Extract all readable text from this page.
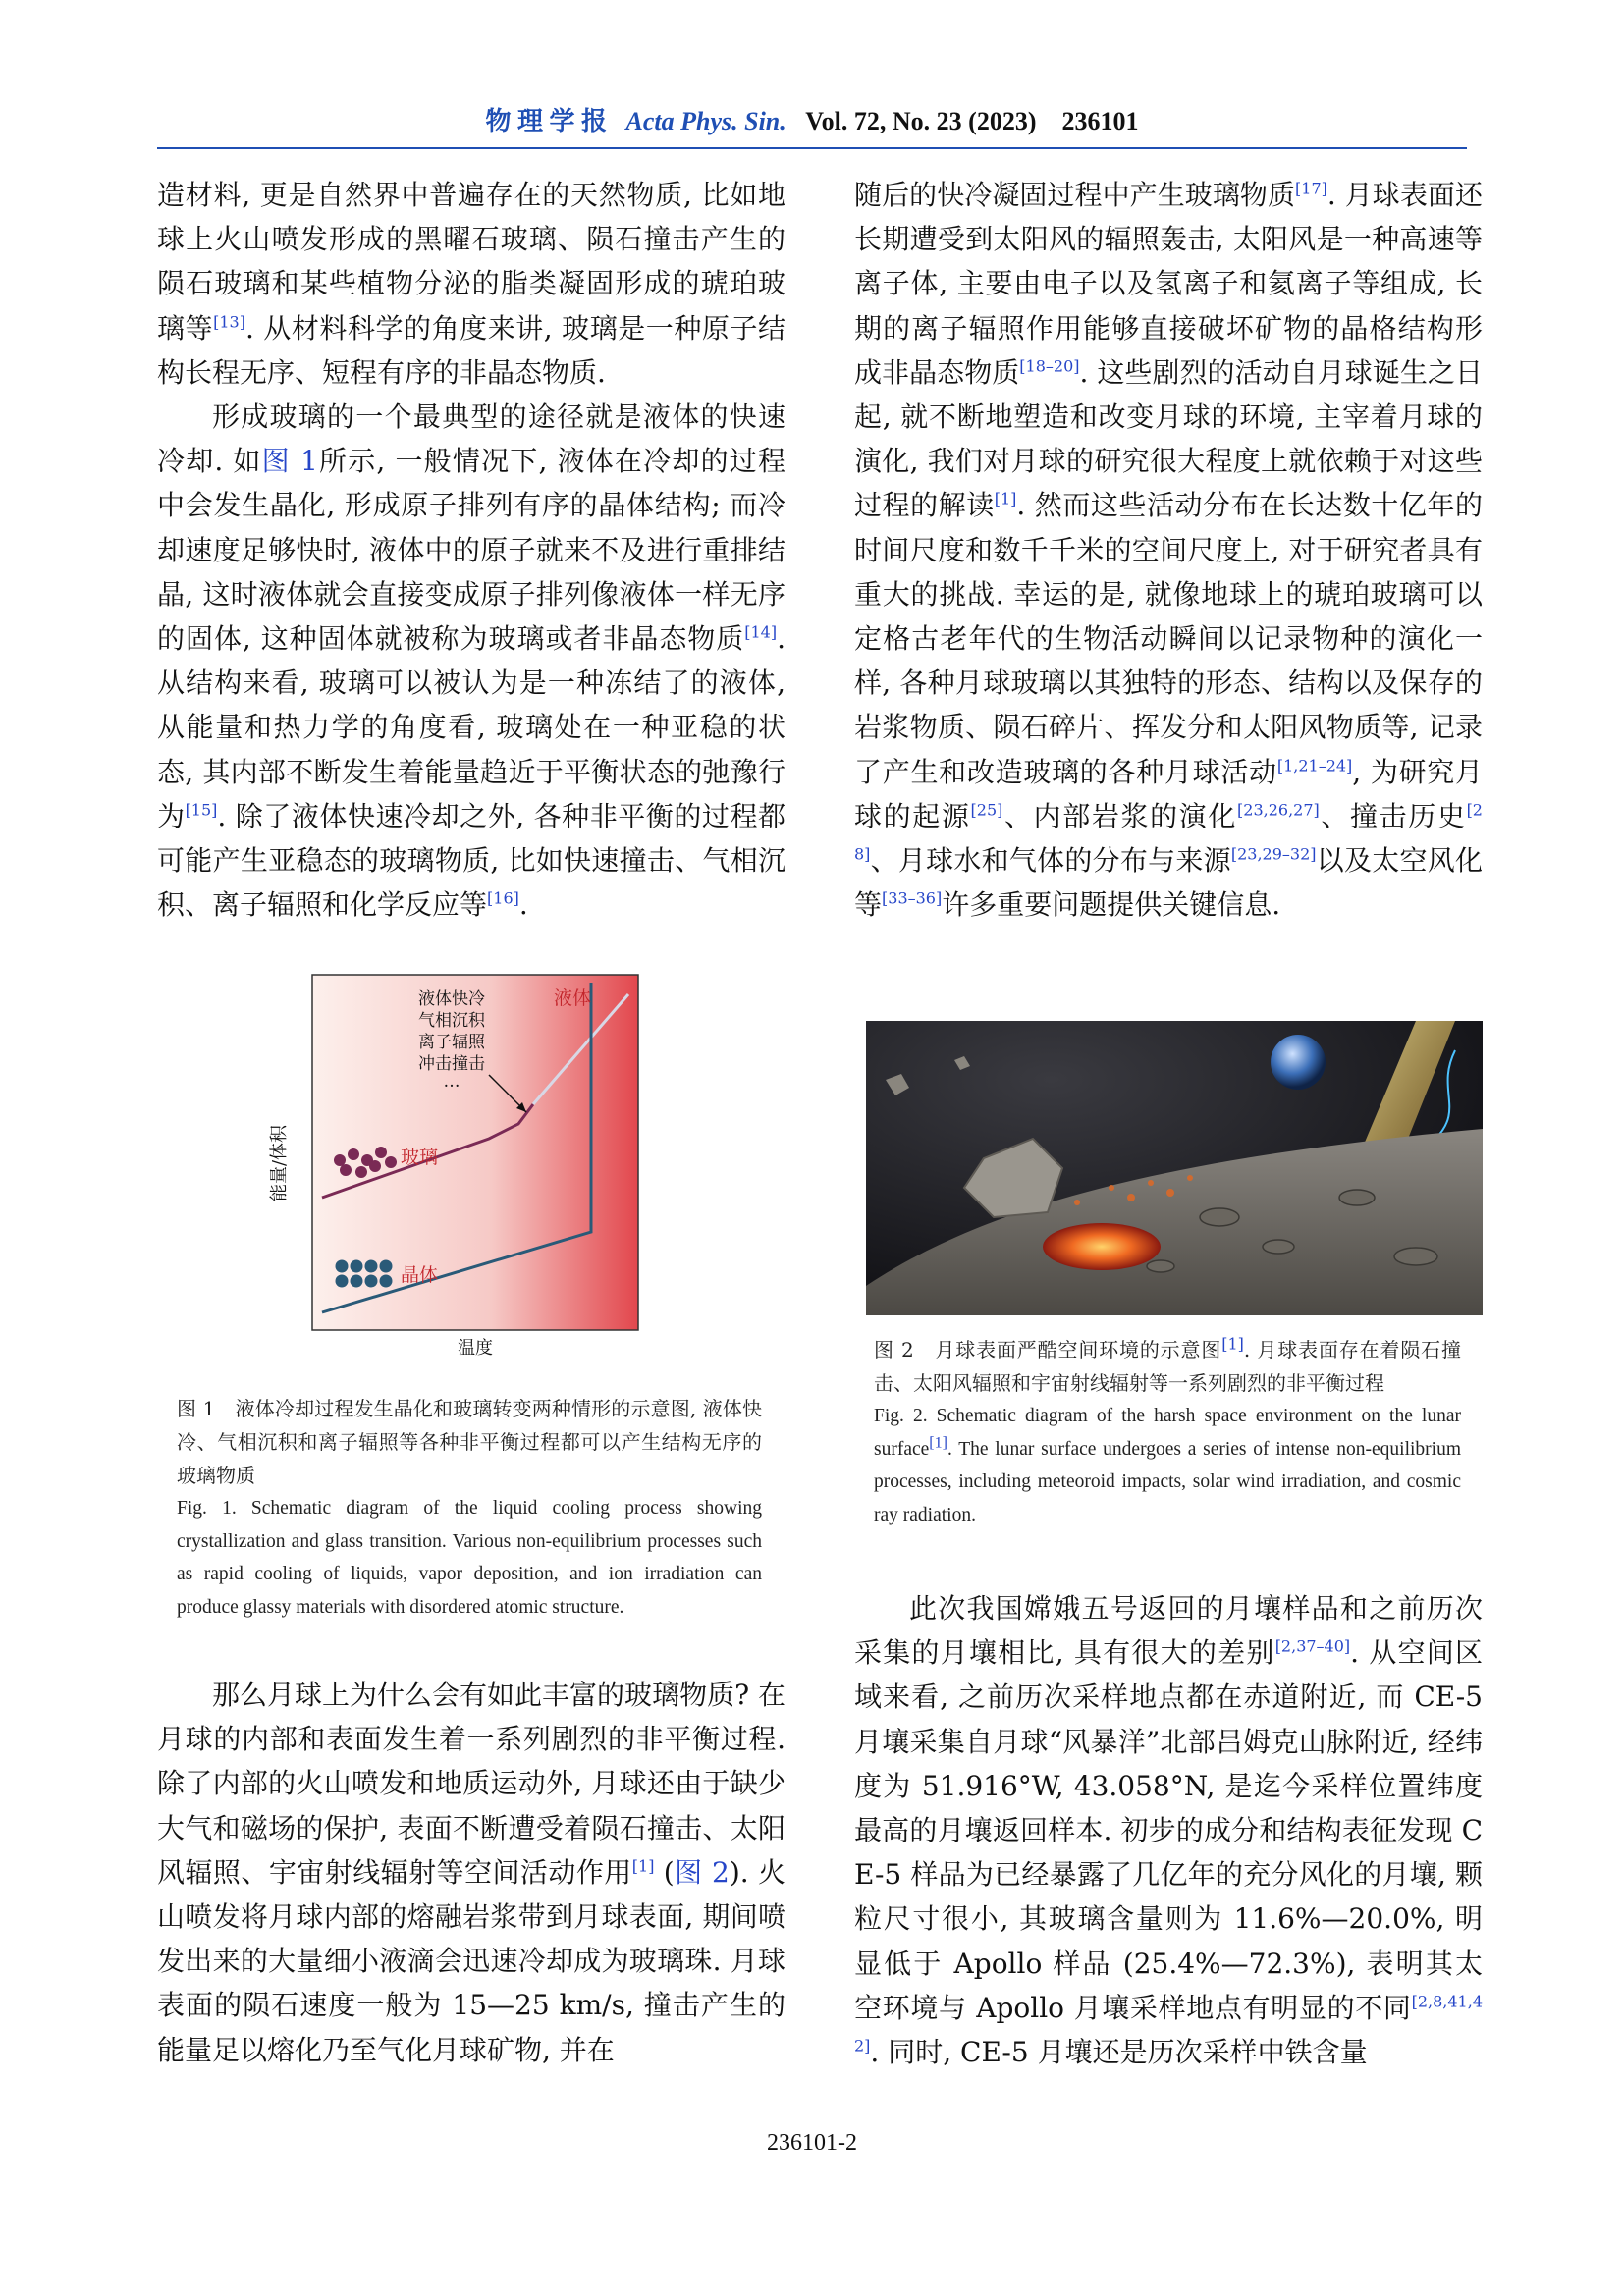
物 理 学 报 Acta Phys. Sin. Vol. 72, No. 23 (2023) 236101

造材料, 更是自然界中普遍存在的天然物质, 比如地球上火山喷发形成的黑曜石玻璃、陨石撞击产生的陨石玻璃和某些植物分泌的脂类凝固形成的琥珀玻璃等[13]. 从材料科学的角度来讲, 玻璃是一种原子结构长程无序、短程有序的非晶态物质.

形成玻璃的一个最典型的途径就是液体的快速冷却. 如图 1所示, 一般情况下, 液体在冷却的过程中会发生晶化, 形成原子排列有序的晶体结构; 而冷却速度足够快时, 液体中的原子就来不及进行重排结晶, 这时液体就会直接变成原子排列像液体一样无序的固体, 这种固体就被称为玻璃或者非晶态物质[14]. 从结构来看, 玻璃可以被认为是一种冻结了的液体, 从能量和热力学的角度看, 玻璃处在一种亚稳的状态, 其内部不断发生着能量趋近于平衡状态的弛豫行为[15]. 除了液体快速冷却之外, 各种非平衡的过程都可能产生亚稳态的玻璃物质, 比如快速撞击、气相沉积、离子辐照和化学反应等[16].

能量/体积	玻璃
晶体
液体
液体快冷
气相沉积
离子辐照
冲击撞击
…
温度

图 1　液体冷却过程发生晶化和玻璃转变两种情形的示意图, 液体快冷、气相沉积和离子辐照等各种非平衡过程都可以产生结构无序的玻璃物质

Fig. 1. Schematic diagram of the liquid cooling process showing crystallization and glass transition. Various non-equilibrium processes such as rapid cooling of liquids, vapor deposition, and ion irradiation can produce glassy materials with disordered atomic structure.

那么月球上为什么会有如此丰富的玻璃物质? 在月球的内部和表面发生着一系列剧烈的非平衡过程. 除了内部的火山喷发和地质运动外, 月球还由于缺少大气和磁场的保护, 表面不断遭受着陨石撞击、太阳风辐照、宇宙射线辐射等空间活动作用[1] (图 2). 火山喷发将月球内部的熔融岩浆带到月球表面, 期间喷发出来的大量细小液滴会迅速冷却成为玻璃珠. 月球表面的陨石速度一般为 15—25 km/s, 撞击产生的能量足以熔化乃至气化月球矿物, 并在

随后的快冷凝固过程中产生玻璃物质[17]. 月球表面还长期遭受到太阳风的辐照轰击, 太阳风是一种高速等离子体, 主要由电子以及氢离子和氦离子等组成, 长期的离子辐照作用能够直接破坏矿物的晶格结构形成非晶态物质[18–20]. 这些剧烈的活动自月球诞生之日起, 就不断地塑造和改变月球的环境, 主宰着月球的演化, 我们对月球的研究很大程度上就依赖于对这些过程的解读[1]. 然而这些活动分布在长达数十亿年的时间尺度和数千千米的空间尺度上, 对于研究者具有重大的挑战. 幸运的是, 就像地球上的琥珀玻璃可以定格古老年代的生物活动瞬间以记录物种的演化一样, 各种月球玻璃以其独特的形态、结构以及保存的岩浆物质、陨石碎片、挥发分和太阳风物质等, 记录了产生和改造玻璃的各种月球活动[1,21–24], 为研究月球的起源[25]、内部岩浆的演化[23,26,27]、撞击历史[28]、月球水和气体的分布与来源[23,29–32]以及太空风化等[33–36]许多重要问题提供关键信息.

图 2　月球表面严酷空间环境的示意图[1]. 月球表面存在着陨石撞击、太阳风辐照和宇宙射线辐射等一系列剧烈的非平衡过程

Fig. 2. Schematic diagram of the harsh space environment on the lunar surface[1]. The lunar surface undergoes a series of intense non-equilibrium processes, including meteoroid impacts, solar wind irradiation, and cosmic ray radiation.

此次我国嫦娥五号返回的月壤样品和之前历次采集的月壤相比, 具有很大的差别[2,37–40]. 从空间区域来看, 之前历次采样地点都在赤道附近, 而 CE-5 月壤采集自月球“风暴洋”北部吕姆克山脉附近, 经纬度为 51.916°W, 43.058°N, 是迄今采样位置纬度最高的月壤返回样本. 初步的成分和结构表征发现 CE-5 样品为已经暴露了几亿年的充分风化的月壤, 颗粒尺寸很小, 其玻璃含量则为 11.6%—20.0%, 明显低于 Apollo 样品 (25.4%—72.3%), 表明其太空环境与 Apollo 月壤采样地点有明显的不同[2,8,41,42]. 同时, CE-5 月壤还是历次采样中铁含量

236101-2
